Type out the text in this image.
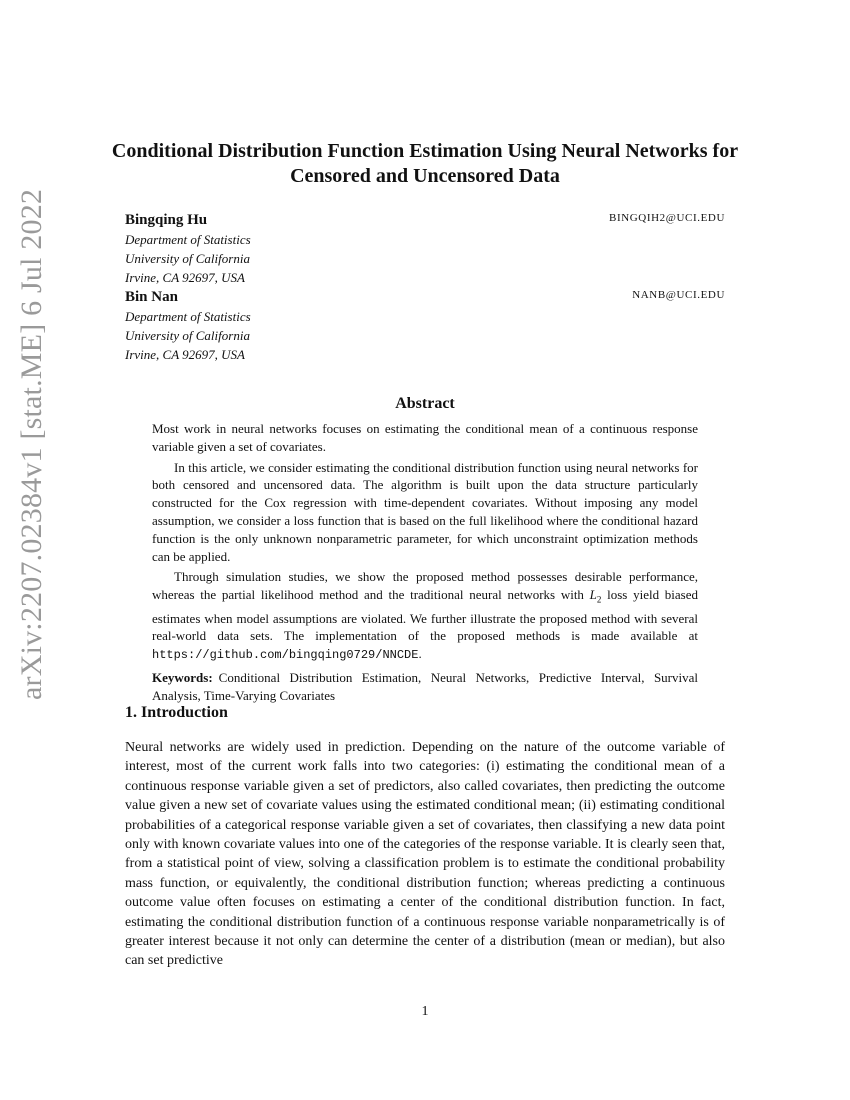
arXiv:2207.02384v1 [stat.ME] 6 Jul 2022
Conditional Distribution Function Estimation Using Neural Networks for Censored and Uncensored Data
Bingqing Hu	BINGQIH2@UCI.EDU
Department of Statistics
University of California
Irvine, CA 92697, USA
Bin Nan	NANB@UCI.EDU
Department of Statistics
University of California
Irvine, CA 92697, USA
Abstract

Most work in neural networks focuses on estimating the conditional mean of a continuous response variable given a set of covariates.

In this article, we consider estimating the conditional distribution function using neural networks for both censored and uncensored data. The algorithm is built upon the data structure particularly constructed for the Cox regression with time-dependent covariates. Without imposing any model assumption, we consider a loss function that is based on the full likelihood where the conditional hazard function is the only unknown nonparametric parameter, for which unconstraint optimization methods can be applied.

Through simulation studies, we show the proposed method possesses desirable performance, whereas the partial likelihood method and the traditional neural networks with $L_2$ loss yield biased estimates when model assumptions are violated. We further illustrate the proposed method with several real-world data sets. The implementation of the proposed methods is made available at https://github.com/bingqing0729/NNCDE.

Keywords: Conditional Distribution Estimation, Neural Networks, Predictive Interval, Survival Analysis, Time-Varying Covariates

1. Introduction

Neural networks are widely used in prediction. Depending on the nature of the outcome variable of interest, most of the current work falls into two categories: (i) estimating the conditional mean of a continuous response variable given a set of predictors, also called covariates, then predicting the outcome value given a new set of covariate values using the estimated conditional mean; (ii) estimating conditional probabilities of a categorical response variable given a set of covariates, then classifying a new data point only with known covariate values into one of the categories of the response variable. It is clearly seen that, from a statistical point of view, solving a classification problem is to estimate the conditional probability mass function, or equivalently, the conditional distribution function; whereas predicting a continuous outcome value often focuses on estimating a center of the conditional distribution function. In fact, estimating the conditional distribution function of a continuous response variable nonparametrically is of greater interest because it not only can determine the center of a distribution (mean or median), but also can set predictive

1
